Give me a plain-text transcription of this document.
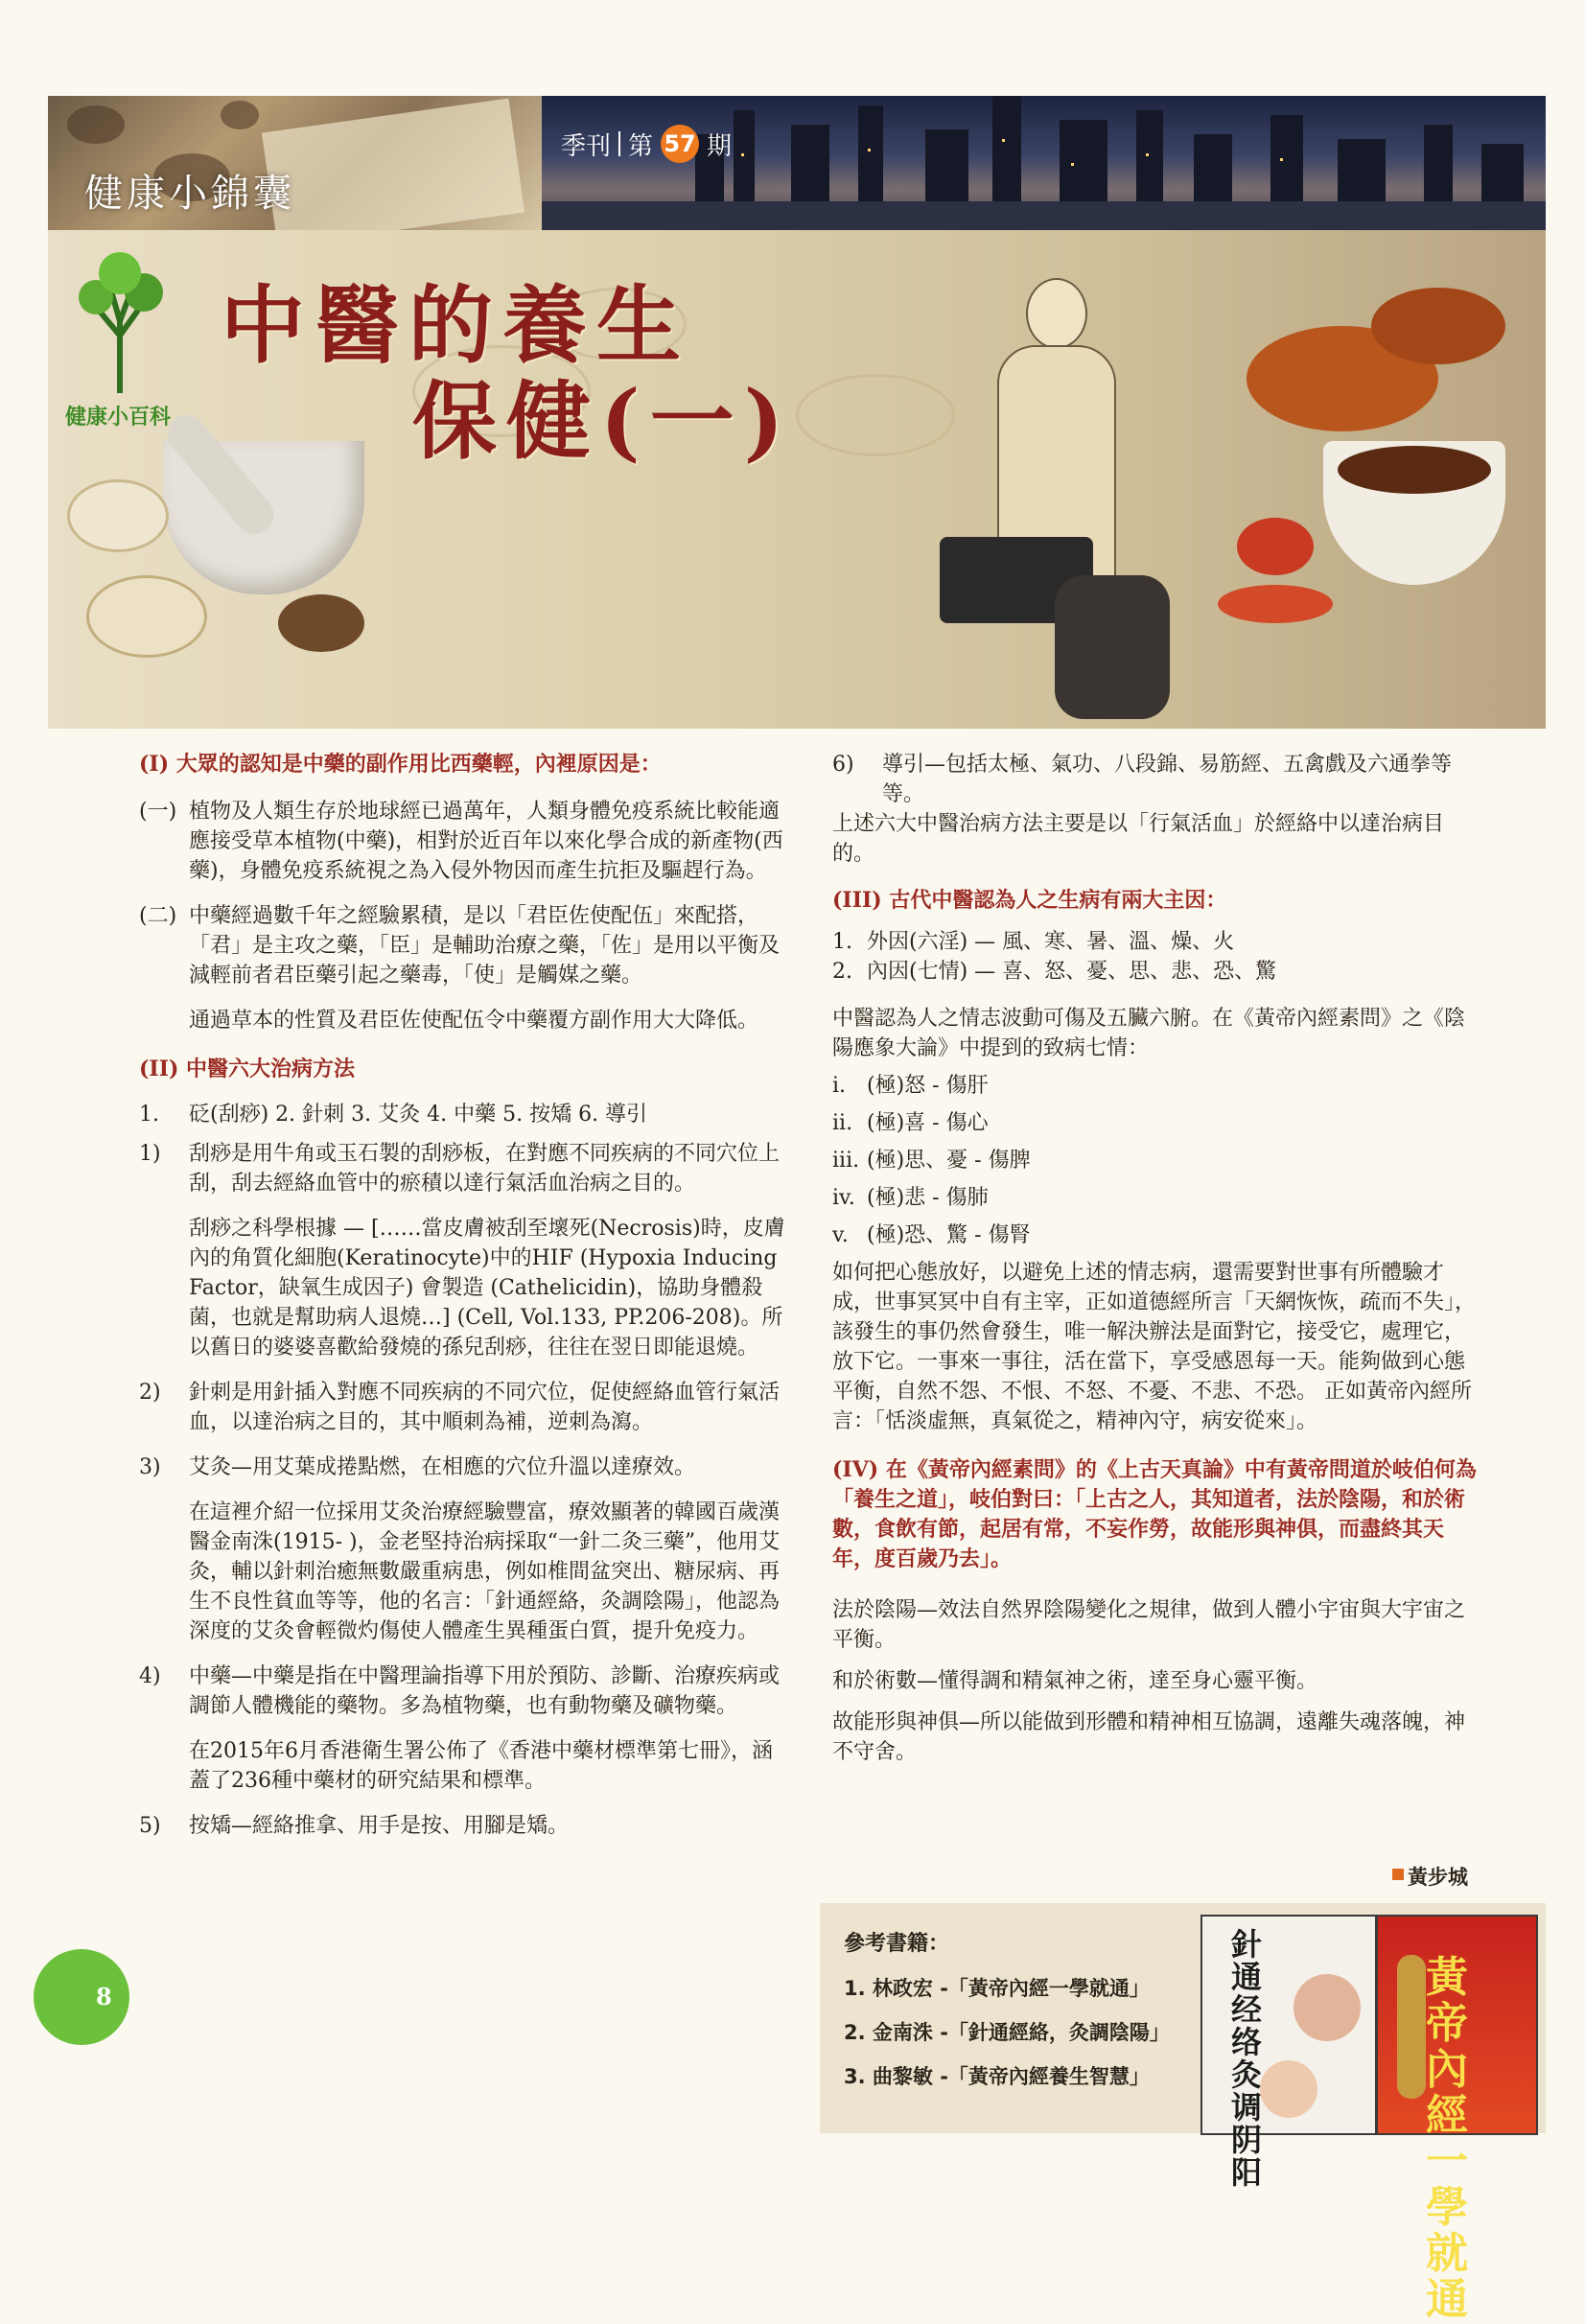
健康小錦囊
季刊 第 57 期
健康小百科
中醫的養生
保健(一)

(I) 大眾的認知是中藥的副作用比西藥輕，內裡原因是：

(一) 植物及人類生存於地球經已過萬年，人類身體免疫系統比較能適應接受草本植物(中藥)，相對於近百年以來化學合成的新產物(西藥)，身體免疫系統視之為入侵外物因而產生抗拒及驅趕行為。
(二) 中藥經過數千年之經驗累積，是以「君臣佐使配伍」來配搭，「君」是主攻之藥，「臣」是輔助治療之藥，「佐」是用以平衡及減輕前者君臣藥引起之藥毒，「使」是觸媒之藥。

通過草本的性質及君臣佐使配伍令中藥覆方副作用大大降低。

(II) 中醫六大治病方法

1.	砭(刮痧) 2. 針刺 3. 艾灸 4. 中藥 5. 按矯 6. 導引
1)	刮痧是用牛角或玉石製的刮痧板，在對應不同疾病的不同穴位上刮，刮去經絡血管中的瘀積以達行氣活血治病之目的。

刮痧之科學根據 — [……當皮膚被刮至壞死(Necrosis)時，皮膚內的角質化細胞(Keratinocyte)中的HIF (Hypoxia Inducing Factor，缺氧生成因子) 會製造 (Cathelicidin)，協助身體殺菌，也就是幫助病人退燒…] (Cell, Vol.133, PP.206-208)。所以舊日的婆婆喜歡給發燒的孫兒刮痧，往往在翌日即能退燒。

2)	針刺是用針插入對應不同疾病的不同穴位，促使經絡血管行氣活血，以達治病之目的，其中順刺為補，逆刺為瀉。
3)	艾灸—用艾葉成捲點燃，在相應的穴位升溫以達療效。

在這裡介紹一位採用艾灸治療經驗豐富，療效顯著的韓國百歲漢醫金南洙(1915- )，金老堅持治病採取“一針二灸三藥”，他用艾灸，輔以針刺治癒無數嚴重病患，例如椎間盆突出、糖尿病、再生不良性貧血等等，他的名言：「針通經絡，灸調陰陽」，他認為深度的艾灸會輕微灼傷使人體產生異種蛋白質，提升免疫力。

4)	中藥—中藥是指在中醫理論指導下用於預防、診斷、治療疾病或調節人體機能的藥物。多為植物藥，也有動物藥及礦物藥。

在2015年6月香港衛生署公佈了《香港中藥材標準第七冊》，涵蓋了236種中藥材的研究結果和標準。

5)	按矯—經絡推拿、用手是按、用腳是矯。
6)	導引—包括太極、氣功、八段錦、易筋經、五禽戲及六通拳等等。

上述六大中醫治病方法主要是以「行氣活血」於經絡中以達治病目的。

(III) 古代中醫認為人之生病有兩大主因：

1. 外因(六淫) — 風、寒、暑、溫、燥、火
2. 內因(七情) — 喜、怒、憂、思、悲、恐、驚

中醫認為人之情志波動可傷及五臟六腑。在《黃帝內經素問》之《陰陽應象大論》中提到的致病七情：

i. (極)怒 - 傷肝
ii. (極)喜 - 傷心
iii. (極)思、憂 - 傷脾
iv. (極)悲 - 傷肺
v. (極)恐、驚 - 傷腎

如何把心態放好，以避免上述的情志病，還需要對世事有所體驗才成，世事冥冥中自有主宰，正如道德經所言「天網恢恢，疏而不失」，該發生的事仍然會發生，唯一解決辦法是面對它，接受它，處理它，放下它。一事來一事往，活在當下，享受感恩每一天。能夠做到心態平衡，自然不怨、不恨、不怒、不憂、不悲、不恐。 正如黃帝內經所言：「恬淡虛無，真氣從之，精神內守，病安從來」。

(IV) 在《黃帝內經素問》的《上古天真論》中有黃帝問道於岐伯何為「養生之道」，岐伯對曰：「上古之人，其知道者，法於陰陽，和於術數，食飲有節，起居有常，不妄作勞，故能形與神俱，而盡終其天年，度百歲乃去」。

法於陰陽—效法自然界陰陽變化之規律，做到人體小宇宙與大宇宙之平衡。

和於術數—懂得調和精氣神之術，達至身心靈平衡。

故能形與神俱—所以能做到形體和精神相互協調，遠離失魂落魄，神不守舍。

黃步城
參考書籍：
1. 林政宏 -「黃帝內經一學就通」
2. 金南洙 -「針通經絡，灸調陰陽」
3. 曲黎敏 -「黃帝內經養生智慧」
針通经络 灸调阴阳
黃帝內經 一學就通
8
